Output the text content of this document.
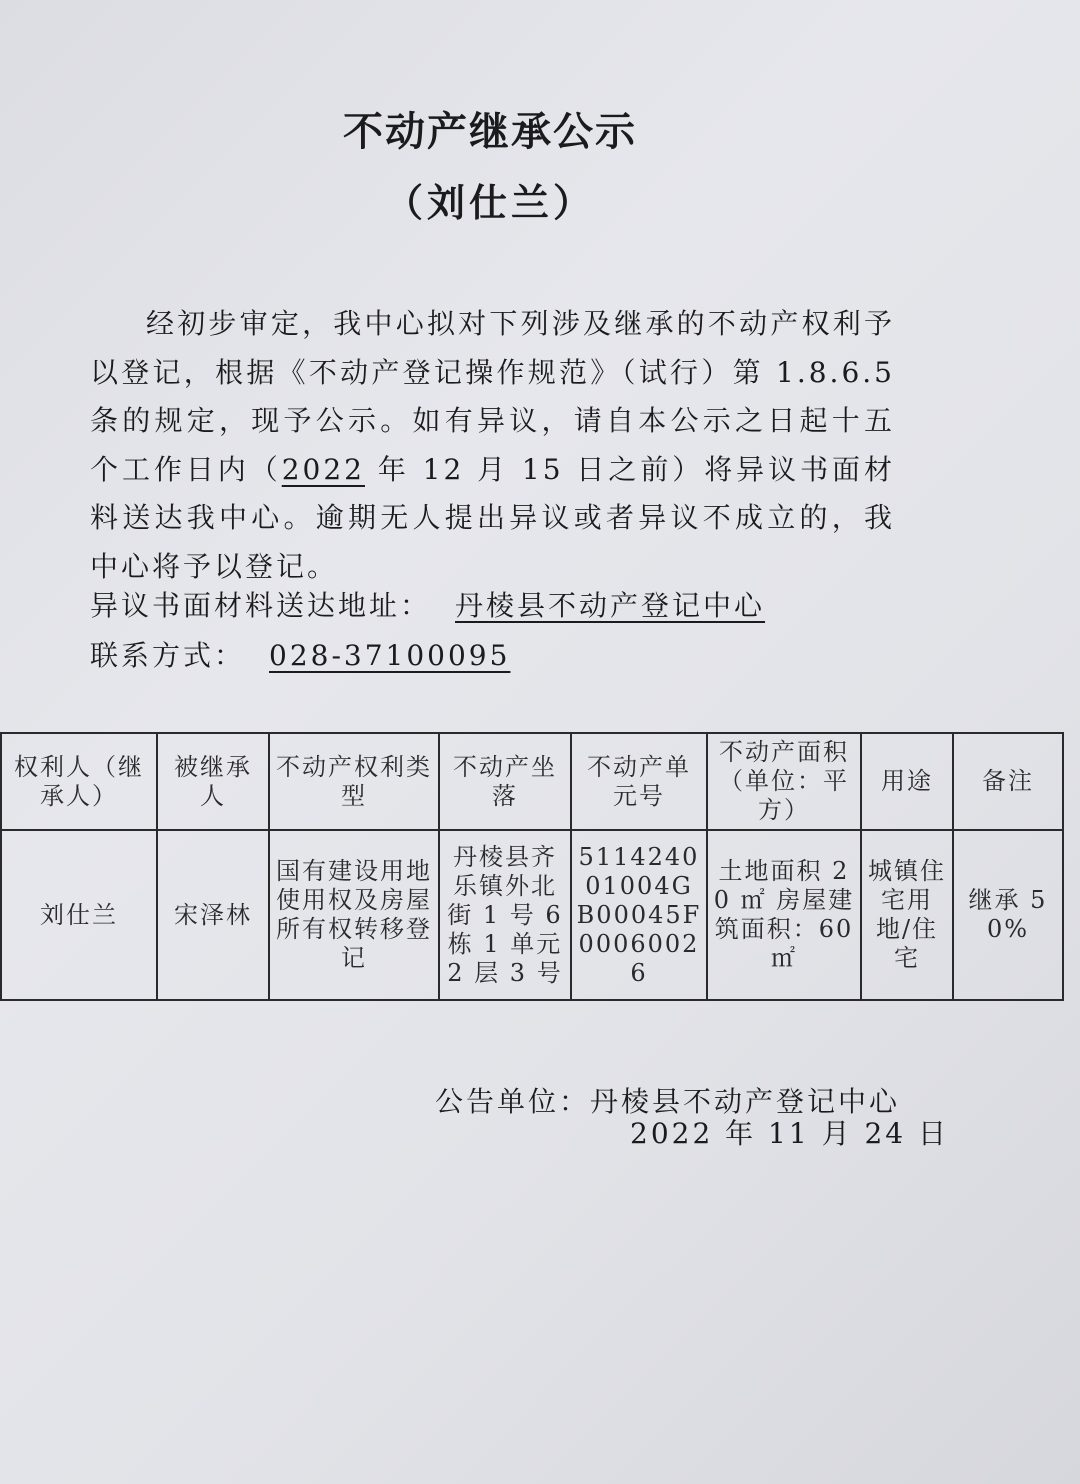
不动产继承公示
（刘仕兰）

经初步审定，我中心拟对下列涉及继承的不动产权利予以登记，根据《不动产登记操作规范》（试行）第 1.8.6.5 条的规定，现予公示。如有异议，请自本公示之日起十五个工作日内（2022 年 12 月 15 日之前）将异议书面材料送达我中心。逾期无人提出异议或者异议不成立的，我中心将予以登记。

异议书面材料送达地址： 丹棱县不动产登记中心
联系方式： 028-37100095
权利人（继承人）	被继承人	不动产权利类型	不动产坐落	不动产单元号	不动产面积（单位：平方）	用途	备注
刘仕兰	宋泽林	国有建设用地使用权及房屋所有权转移登记	丹棱县齐乐镇外北街 1 号 6 栋 1 单元 2 层 3 号	511424001004GB00045F00060026	土地面积 20 ㎡ 房屋建筑面积：60 ㎡	城镇住宅用地/住宅	继承 50%
公告单位：丹棱县不动产登记中心
2022 年 11 月 24 日
